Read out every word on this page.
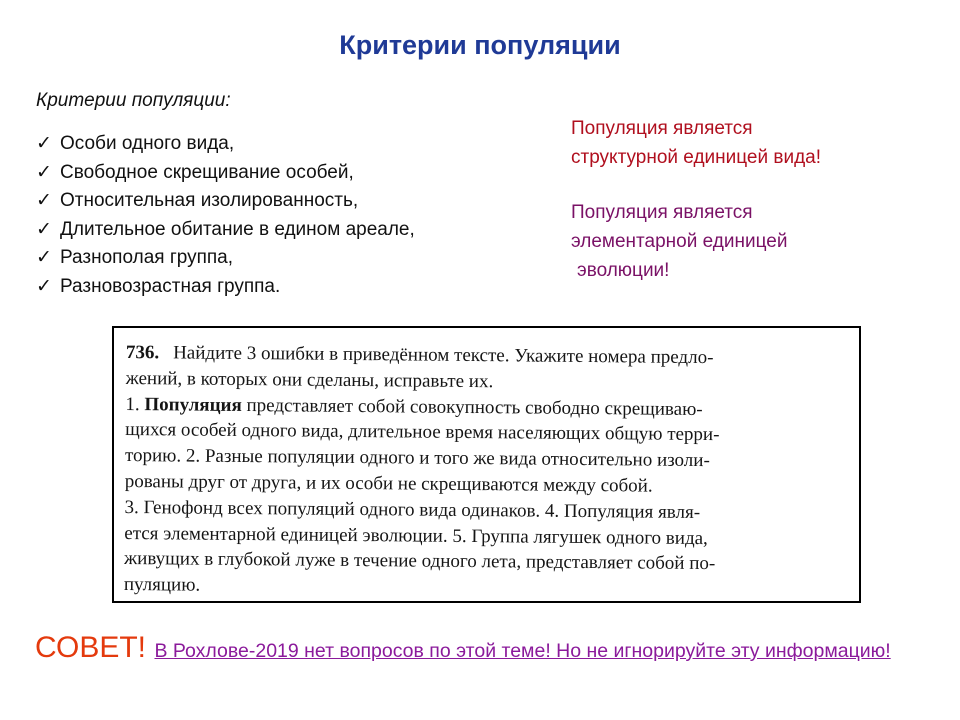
Критерии популяции
Критерии популяции:
✓ Особи одного вида,
✓ Свободное скрещивание особей,
✓ Относительная изолированность,
✓ Длительное обитание в едином ареале,
✓ Разнополая группа,
✓ Разновозрастная группа.
Популяция является
структурной единицей вида!
Популяция является
элементарной единицей
эволюции!
736. Найдите 3 ошибки в приведённом тексте. Укажите номера предло-
жений, в которых они сделаны, исправьте их.
1. Популяция представляет собой совокупность свободно скрещиваю-
щихся особей одного вида, длительное время населяющих общую терри-
торию. 2. Разные популяции одного и того же вида относительно изоли-
рованы друг от друга, и их особи не скрещиваются между собой.
3. Генофонд всех популяций одного вида одинаков. 4. Популяция явля-
ется элементарной единицей эволюции. 5. Группа лягушек одного вида,
живущих в глубокой луже в течение одного лета, представляет собой по-
пуляцию.
СОВЕТ! В Рохлове-2019 нет вопросов по этой теме! Но не игнорируйте эту информацию!
